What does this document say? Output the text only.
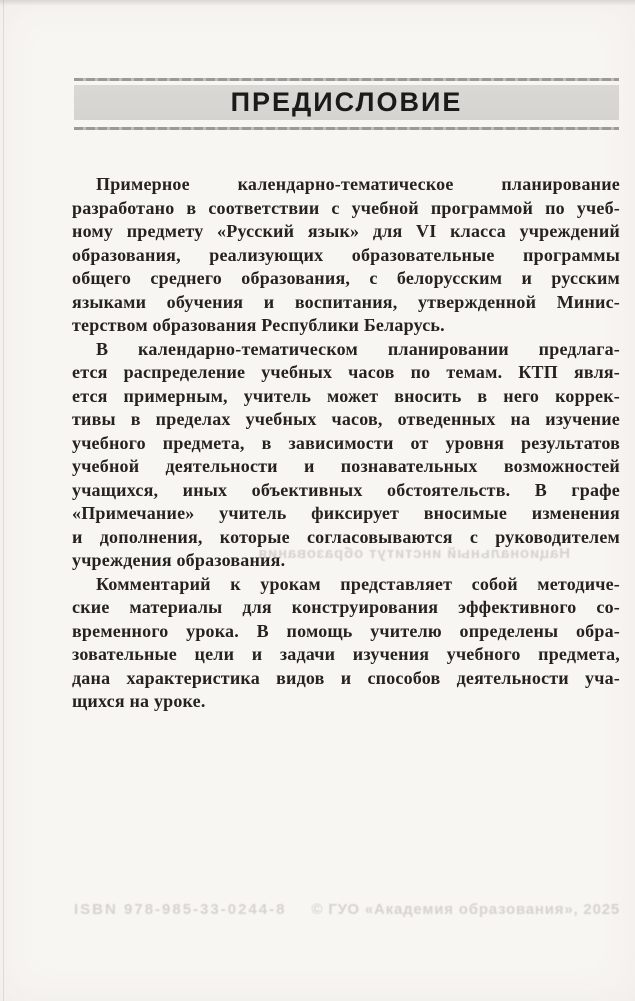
ПРЕДИСЛОВИЕ
Примерное календарно-тематическое планирование
разработано в соответствии с учебной программой по учеб-
ному предмету «Русский язык» для VI класса учреждений
образования, реализующих образовательные программы
общего среднего образования, с белорусским и русским
языками обучения и воспитания, утвержденной Минис-
терством образования Республики Беларусь.
В календарно-тематическом планировании предлага-
ется распределение учебных часов по темам. КТП явля-
ется примерным, учитель может вносить в него коррек-
тивы в пределах учебных часов, отведенных на изучение
учебного предмета, в зависимости от уровня результатов
учебной деятельности и познавательных возможностей
учащихся, иных объективных обстоятельств. В графе
«Примечание» учитель фиксирует вносимые изменения
и дополнения, которые согласовываются с руководителем
учреждения образования.
Комментарий к урокам представляет собой методиче-
ские материалы для конструирования эффективного со-
временного урока. В помощь учителю определены обра-
зовательные цели и задачи изучения учебного предмета,
дана характеристика видов и способов деятельности уча-
щихся на уроке.
Национальный институт образования
ISBN 978-985-33-0244-8 © ГУО «Академия образования», 2025
